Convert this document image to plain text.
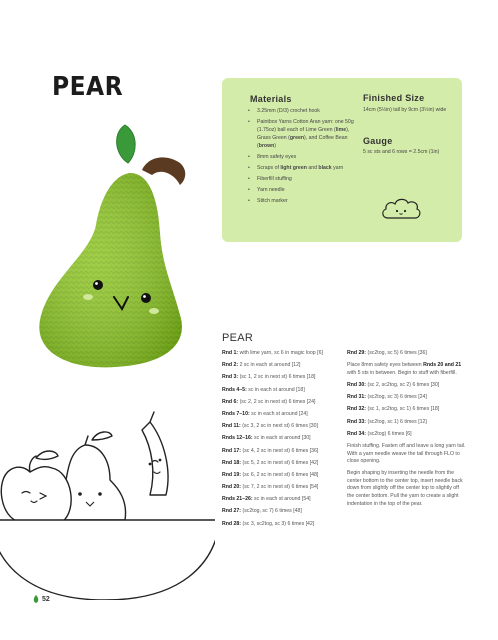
PEAR	Materials
• 3.25mm (D/3) crochet hook
• Paintbox Yarns Cotton Aran yarn: one 50g (1.75oz) ball each of Lime Green (lime), Grass Green (green), and Coffee Bean (brown)
• 8mm safety eyes
• Scraps of light green and black yarn
• Fiberfill stuffing
• Yarn needle
• Stitch marker
Finished Size
14cm (5½in) tall by 9cm (3½in) wide
Gauge
5 sc sts and 6 rows = 2.5cm (1in)
PEAR

Rnd 1: with lime yarn, sc 6 in magic loop [6]

Rnd 2: 2 sc in each st around [12]

Rnd 3: (sc 1, 2 sc in next st) 6 times [18]

Rnds 4–5: sc in each st around [18]

Rnd 6: (sc 2, 2 sc in next st) 6 times [24]

Rnds 7–10: sc in each st around [24]

Rnd 11: (sc 3, 2 sc in next st) 6 times [30]

Rnds 12–16: sc in each st around [30]

Rnd 17: (sc 4, 2 sc in next st) 6 times [36]

Rnd 18: (sc 5, 2 sc in next st) 6 times [42]

Rnd 19: (sc 6, 2 sc in next st) 6 times [48]

Rnd 20: (sc 7, 2 sc in next st) 6 times [54]

Rnds 21–26: sc in each st around [54]

Rnd 27: (sc2tog, sc 7) 6 times [48]

Rnd 28: (sc 3, sc2tog, sc 3) 6 times [42]

Rnd 29: (sc2tog, sc 5) 6 times [36]

Place 8mm safety eyes between Rnds 20 and 21 with 5 sts in between. Begin to stuff with fiberfill.

Rnd 30: (sc 2, sc2tog, sc 2) 6 times [30]

Rnd 31: (sc2tog, sc 3) 6 times [24]

Rnd 32: (sc 1, sc2tog, sc 1) 6 times [18]

Rnd 33: (sc2tog, sc 1) 6 times [12]

Rnd 34: (sc2tog) 6 times [6]

Finish stuffing. Fasten off and leave a long yarn tail. With a yarn needle weave the tail through FLO to close opening.

Begin shaping by inserting the needle from the center bottom to the center top, insert needle back down from slightly off the center top to slightly off the center bottom. Pull the yarn to create a slight indentation in the top of the pear.

52
